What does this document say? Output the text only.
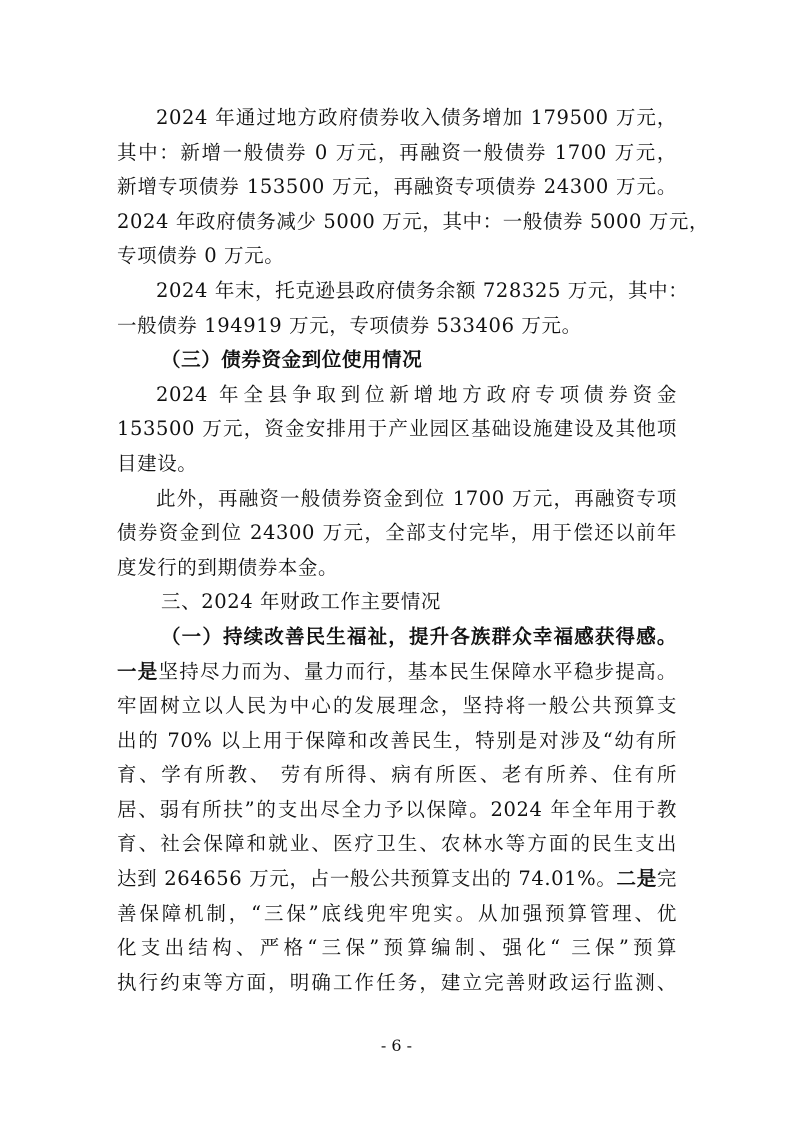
2024 年通过地方政府债券收入债务增加 179500 万元，
其中：新增一般债券 0 万元，再融资一般债券 1700 万元，
新增专项债券 153500 万元，再融资专项债券 24300 万元。
2024 年政府债务减少 5000 万元，其中：一般债券 5000 万元，
专项债券 0 万元。
2024 年末，托克逊县政府债务余额 728325 万元，其中：
一般债券 194919 万元，专项债券 533406 万元。
（三）债券资金到位使用情况
2024 年全县争取到位新增地方政府专项债券资金
153500 万元，资金安排用于产业园区基础设施建设及其他项
目建设。
此外，再融资一般债券资金到位 1700 万元，再融资专项
债券资金到位 24300 万元，全部支付完毕，用于偿还以前年
度发行的到期债券本金。
三、2024 年财政工作主要情况
（一）持续改善民生福祉，提升各族群众幸福感获得感。
一是坚持尽力而为、量力而行，基本民生保障水平稳步提高。
牢固树立以人民为中心的发展理念，坚持将一般公共预算支
出的 70% 以上用于保障和改善民生，特别是对涉及“幼有所
育、学有所教、 劳有所得、病有所医、老有所养、住有所
居、弱有所扶”的支出尽全力予以保障。2024 年全年用于教
育、社会保障和就业、医疗卫生、农林水等方面的民生支出
达到 264656 万元，占一般公共预算支出的 74.01%。二是完
善保障机制，“三保”底线兜牢兜实。从加强预算管理、优
化支出结构、严格“三保”预算编制、强化“ 三保”预算
执行约束等方面，明确工作任务，建立完善财政运行监测、
- 6 -
